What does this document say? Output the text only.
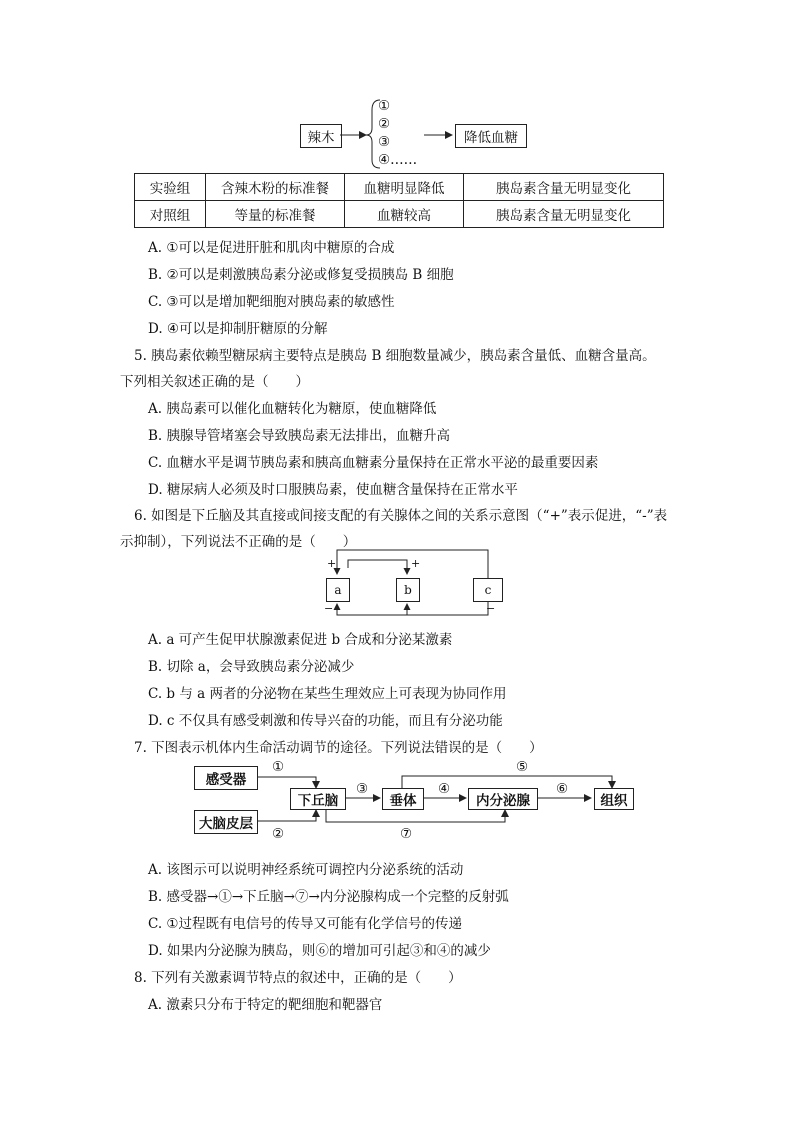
辣木
①
②
③
④……
降低血糖
实验组	含辣木粉的标准餐	血糖明显降低	胰岛素含量无明显变化
对照组	等量的标准餐	血糖较高	胰岛素含量无明显变化
A. ①可以是促进肝脏和肌肉中糖原的合成
B. ②可以是刺激胰岛素分泌或修复受损胰岛 B 细胞
C. ③可以是增加靶细胞对胰岛素的敏感性
D. ④可以是抑制肝糖原的分解
5. 胰岛素依赖型糖尿病主要特点是胰岛 B 细胞数量减少，胰岛素含量低、血糖含量高。
下列相关叙述正确的是（　　）
A. 胰岛素可以催化血糖转化为糖原，使血糖降低
B. 胰腺导管堵塞会导致胰岛素无法排出，血糖升高
C. 血糖水平是调节胰岛素和胰高血糖素分量保持在正常水平泌的最重要因素
D. 糖尿病人必须及时口服胰岛素，使血糖含量保持在正常水平
6. 如图是下丘脑及其直接或间接支配的有关腺体之间的关系示意图（“+”表示促进，“-”表
示抑制），下列说法不正确的是（　　）
a	b	c
+	+
−	−
A. a 可产生促甲状腺激素促进 b 合成和分泌某激素
B. 切除 a，会导致胰岛素分泌减少
C. b 与 a 两者的分泌物在某些生理效应上可表现为协同作用
D. c 不仅具有感受刺激和传导兴奋的功能，而且有分泌功能
7. 下图表示机体内生命活动调节的途径。下列说法错误的是（　　）
感受器
大脑皮层
下丘脑	垂体	内分泌腺	组织
①
②
③	④
⑤
⑥
⑦
A. 该图示可以说明神经系统可调控内分泌系统的活动
B. 感受器→①→下丘脑→⑦→内分泌腺构成一个完整的反射弧
C. ①过程既有电信号的传导又可能有化学信号的传递
D. 如果内分泌腺为胰岛，则⑥的增加可引起③和④的减少
8. 下列有关激素调节特点的叙述中，正确的是（　　）
A. 激素只分布于特定的靶细胞和靶器官
